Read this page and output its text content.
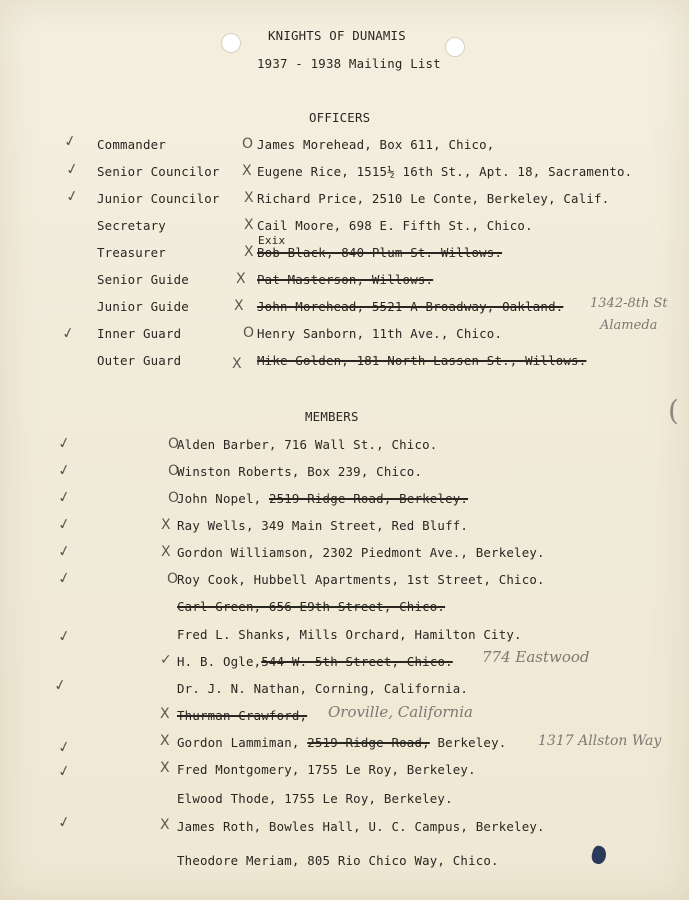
KNIGHTS OF DUNAMIS
1937 - 1938 Mailing List
OFFICERS
✓
✓
✓
✓
Commander
Senior Councilor
Junior Councilor
Secretary
Treasurer
Senior Guide
Junior Guide
Inner Guard
Outer Guard
O
X
X
X
X
X
X
O
X
James Morehead, Box 611, Chico,
Eugene Rice, 1515½ 16th St., Apt. 18, Sacramento.
Richard Price, 2510 Le Conte, Berkeley, Calif.
Cail Moore, 698 E. Fifth St., Chico.
Exix
Bob Black, 840 Plum St. Willows.
Pat Masterson, Willows.
John Morehead, 5521-A Broadway, Oakland. 1342-8th St
Alameda
Henry Sanborn, 11th Ave., Chico.
Mike Golden, 181 North Lassen St., Willows.
MEMBERS	(
✓
✓
✓
✓
✓
✓
✓
✓
✓
✓
✓
O
O
O
X
X
O
✓
X
X
X
X
Alden Barber, 716 Wall St., Chico.
Winston Roberts, Box 239, Chico.
John Nopel, 2519 Ridge Road, Berkeley.
Ray Wells, 349 Main Street, Red Bluff.
Gordon Williamson, 2302 Piedmont Ave., Berkeley.
Roy Cook, Hubbell Apartments, 1st Street, Chico.
Carl Green, 656 E9th Street, Chico.
Fred L. Shanks, Mills Orchard, Hamilton City.
H. B. Ogle,544 W. 5th Street, Chico. 774 Eastwood
Dr. J. N. Nathan, Corning, California.
Thurman Crawford, Oroville, California
Gordon Lammiman, 2519 Ridge Road, Berkeley. 1317 Allston Way
Fred Montgomery, 1755 Le Roy, Berkeley.
Elwood Thode, 1755 Le Roy, Berkeley.
James Roth, Bowles Hall, U. C. Campus, Berkeley.
Theodore Meriam, 805 Rio Chico Way, Chico.
